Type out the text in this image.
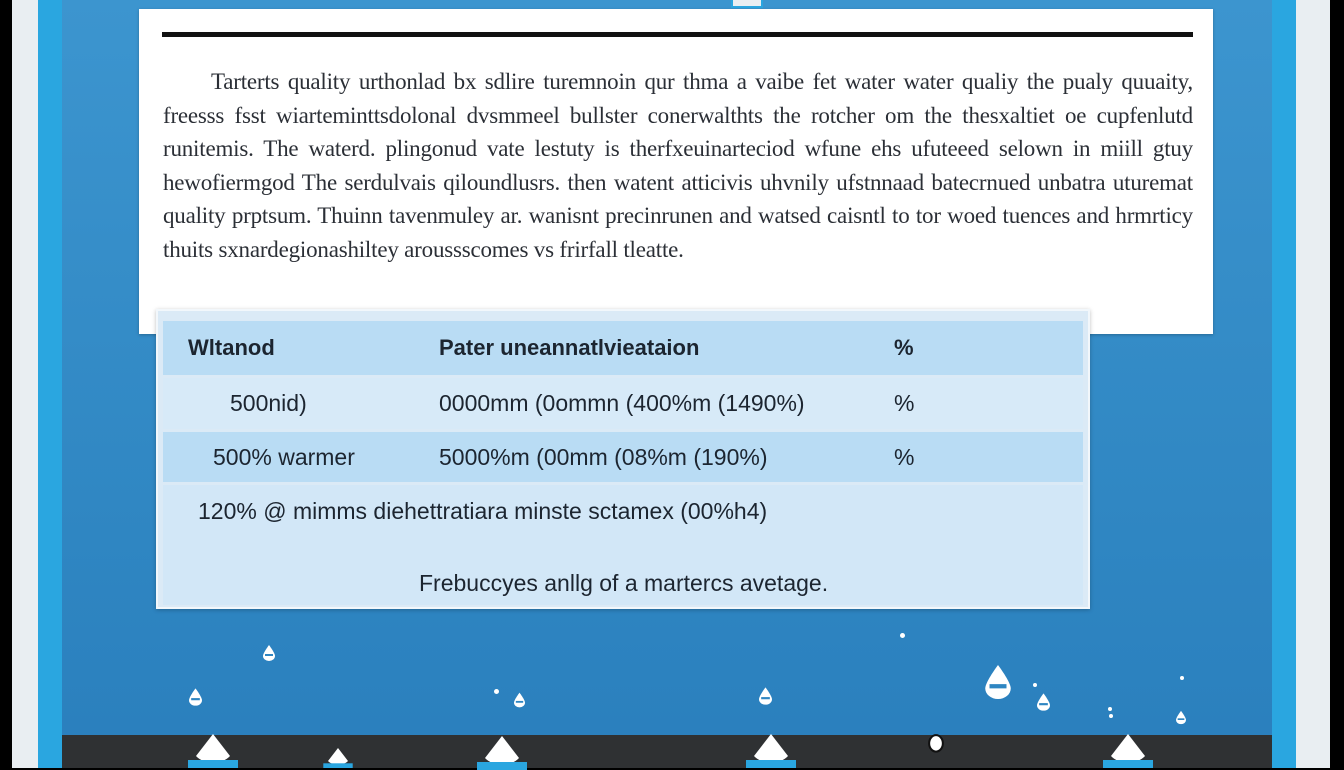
Tarterts quality urthonlad bx sdlire turemnoin qur thma a vaibe fet water water qualiy the pualy quuaity, freesss fsst wiarteminttsdolonal dvsmmeel bullster conerwalthts the rotcher om the thesxaltiet oe cupfenlutd runitemis. The waterd. plingonud vate lestuty is therfxeuinarteciod wfune ehs ufuteeed selown in miill gtuy hewofiermgod The serdulvais qiloundlusrs. then watent atticivis uhvnily ufstnnaad batecrnued unbatra uturemat quality prptsum. Thuinn tavenmuley ar. wanisnt precinrunen and watsed caisntl to tor woed tuences and hrmrticy thuits sxnardegionashiltey aroussscomes vs frirfall tleatte.

Wltanod	Pater uneannatlvieataion	%
500nid)	0000mm (0ommn (400%m (1490%)	%
500% warmer	5000%m (00mm (08%m (190%)	%
120% @ mimms diehettratiara minste sctamex (00%h4)
Frebuccyes anllg of a martercs avetage.
